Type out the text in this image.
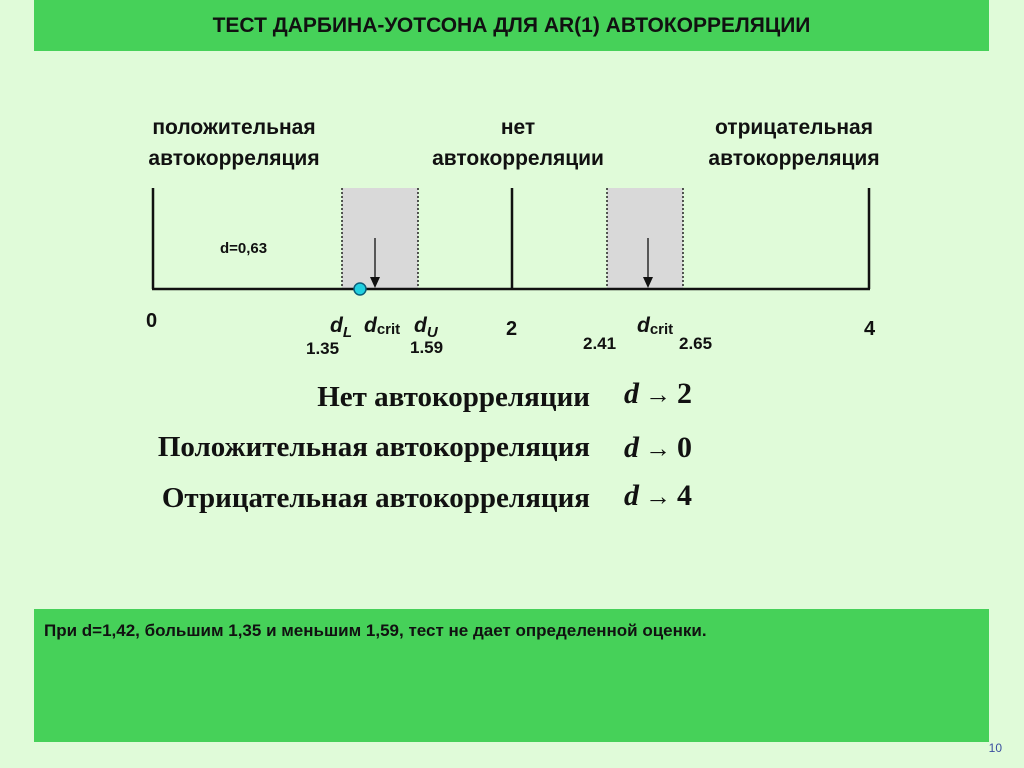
ТЕСТ ДАРБИНА-УОТСОНА ДЛЯ AR(1) АВТОКОРРЕЛЯЦИИ
положительная
автокорреляция
нет
автокорреляции
отрицательная
автокорреляция
d=0,63
0	2	4
dL dcrit dU	dcrit
1.35	1.59	2.41	2.65
Нет автокорреляции d → 2
Положительная автокорреляция d → 0
Отрицательная автокорреляция d → 4
При d=1,42, большим 1,35 и меньшим 1,59, тест не дает определенной оценки.
10
